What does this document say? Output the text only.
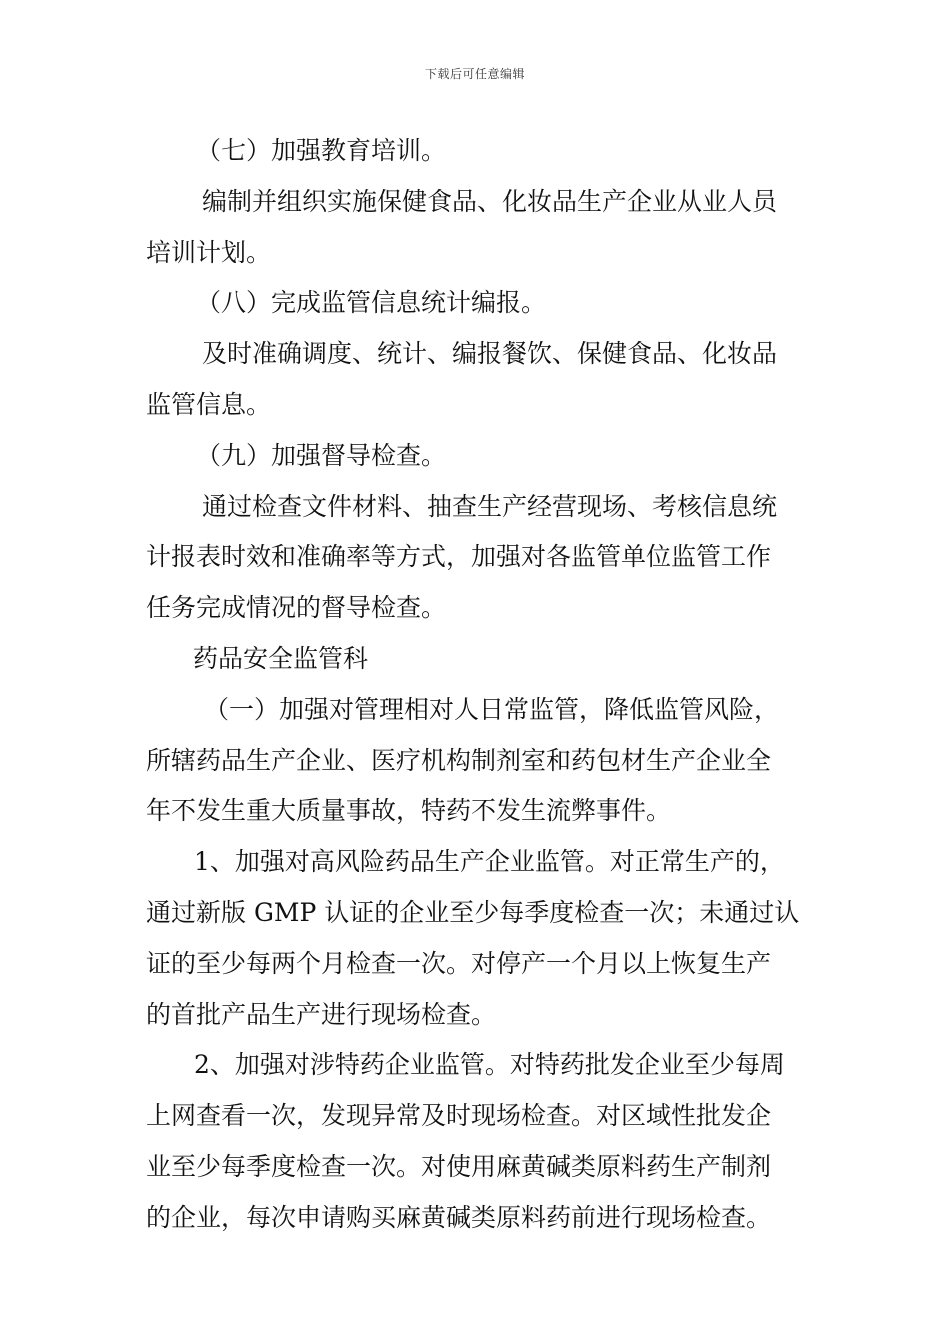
下载后可任意编辑
（七）加强教育培训。
编制并组织实施保健食品、化妆品生产企业从业人员
培训计划。
（八）完成监管信息统计编报。
及时准确调度、统计、编报餐饮、保健食品、化妆品
监管信息。
（九）加强督导检查。
通过检查文件材料、抽查生产经营现场、考核信息统
计报表时效和准确率等方式，加强对各监管单位监管工作
任务完成情况的督导检查。
药品安全监管科
（一）加强对管理相对人日常监管，降低监管风险，
所辖药品生产企业、医疗机构制剂室和药包材生产企业全
年不发生重大质量事故，特药不发生流弊事件。
1、加强对高风险药品生产企业监管。对正常生产的，
通过新版 GMP 认证的企业至少每季度检查一次；未通过认
证的至少每两个月检查一次。对停产一个月以上恢复生产
的首批产品生产进行现场检查。
2、加强对涉特药企业监管。对特药批发企业至少每周
上网查看一次，发现异常及时现场检查。对区域性批发企
业至少每季度检查一次。对使用麻黄碱类原料药生产制剂
的企业，每次申请购买麻黄碱类原料药前进行现场检查。
